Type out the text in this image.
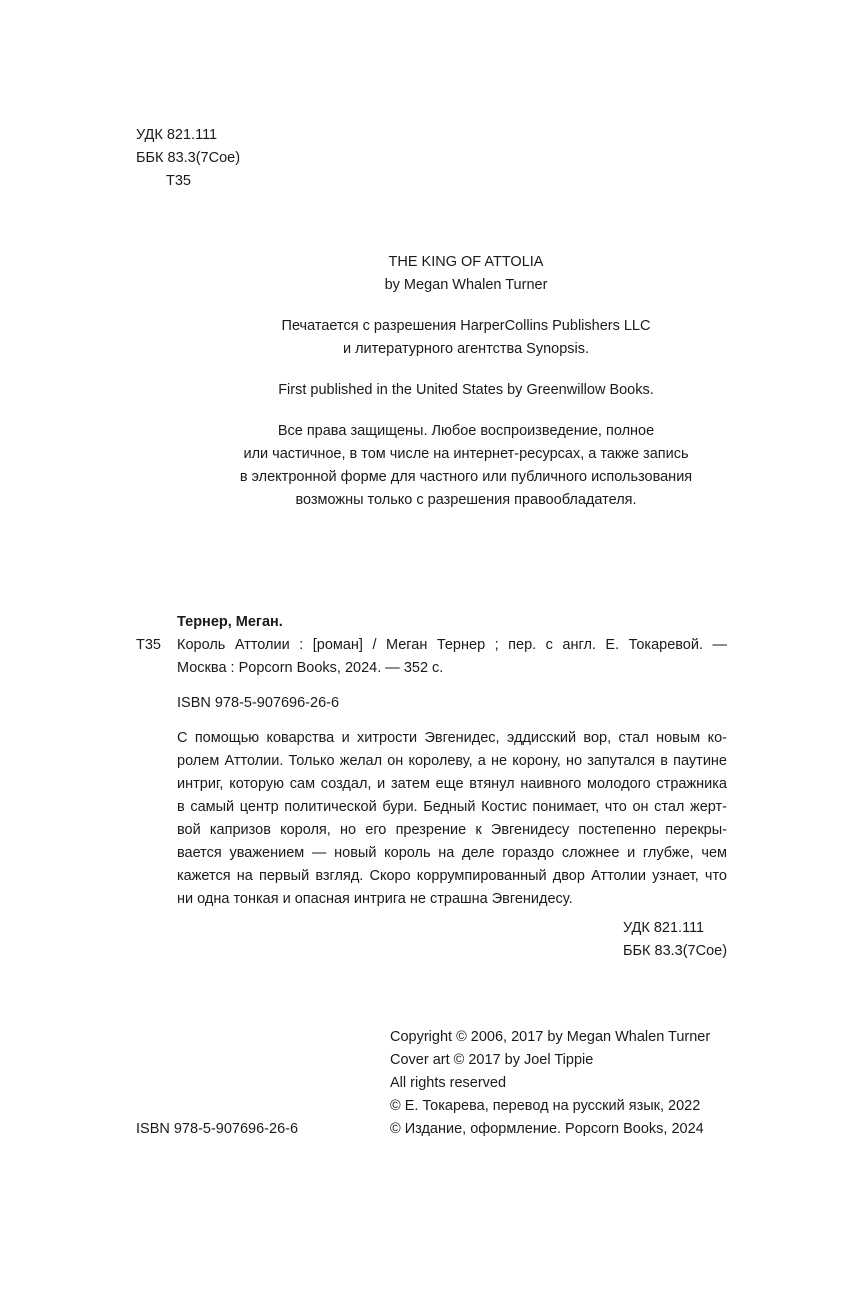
УДК 821.111
ББК 83.3(7Сое)
Т35
THE KING OF ATTOLIA
by Megan Whalen Turner
Печатается с разрешения HarperCollins Publishers LLC
и литературного агентства Synopsis.
First published in the United States by Greenwillow Books.
Все права защищены. Любое воспроизведение, полное
или частичное, в том числе на интернет-ресурсах, а также запись
в электронной форме для частного или публичного использования
возможны только с разрешения правообладателя.
Тернер, Меган.
Т35	Король Аттолии : [роман] / Меган Тернер ; пер. с англ. Е. Токаревой. —
Москва : Popcorn Books, 2024. — 352 с.
ISBN 978-5-907696-26-6
С помощью коварства и хитрости Эвгенидес, эддисский вор, стал новым ко-
ролем Аттолии. Только желал он королеву, а не корону, но запутался в паутине
интриг, которую сам создал, и затем еще втянул наивного молодого стражника
в самый центр политической бури. Бедный Костис понимает, что он стал жерт-
вой капризов короля, но его презрение к Эвгенидесу постепенно перекры-
вается уважением — новый король на деле гораздо сложнее и глубже, чем
кажется на первый взгляд. Скоро коррумпированный двор Аттолии узнает, что
ни одна тонкая и опасная интрига не страшна Эвгенидесу.
УДК 821.111
ББК 83.3(7Сое)
Copyright © 2006, 2017 by Megan Whalen Turner
Cover art © 2017 by Joel Tippie
All rights reserved
© Е. Токарева, перевод на русский язык, 2022
© Издание, оформление. Popcorn Books, 2024
ISBN 978-5-907696-26-6
